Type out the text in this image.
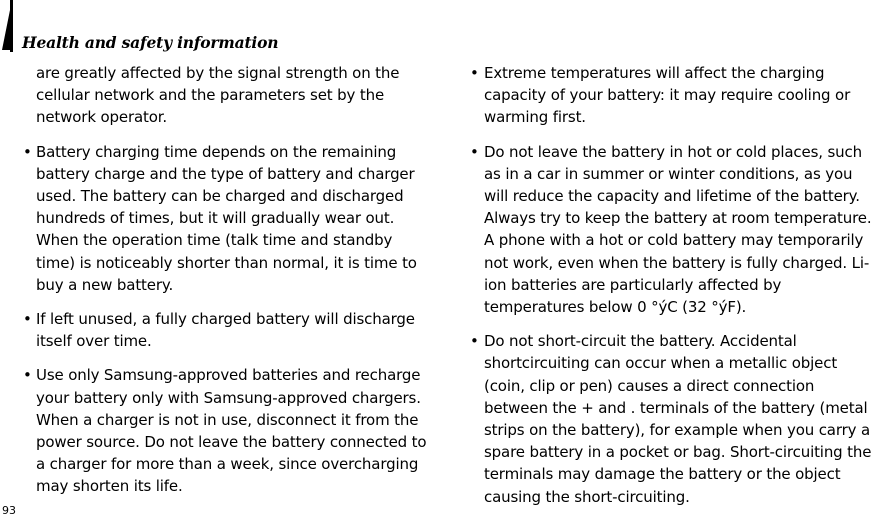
Health and safety information

are greatly affected by the signal strength on the cellular network and the parameters set by the network operator.

• Battery charging time depends on the remaining battery charge and the type of battery and charger used. The battery can be charged and discharged hundreds of times, but it will gradually wear out. When the operation time (talk time and standby time) is noticeably shorter than normal, it is time to buy a new battery.

• If left unused, a fully charged battery will discharge itself over time.

• Use only Samsung-approved batteries and recharge your battery only with Samsung-approved chargers. When a charger is not in use, disconnect it from the power source. Do not leave the battery connected to a charger for more than a week, since overcharging may shorten its life.

• Extreme temperatures will affect the charging capacity of your battery: it may require cooling or warming first.

• Do not leave the battery in hot or cold places, such as in a car in summer or winter conditions, as you will reduce the capacity and lifetime of the battery. Always try to keep the battery at room temperature. A phone with a hot or cold battery may temporarily not work, even when the battery is fully charged. Li-ion batteries are particularly affected by temperatures below 0 °ýC (32 °ýF).

• Do not short-circuit the battery. Accidental shortcircuiting can occur when a metallic object (coin, clip or pen) causes a direct connection between the + and . terminals of the battery (metal strips on the battery), for example when you carry a spare battery in a pocket or bag. Short-circuiting the terminals may damage the battery or the object causing the short-circuiting.

93
